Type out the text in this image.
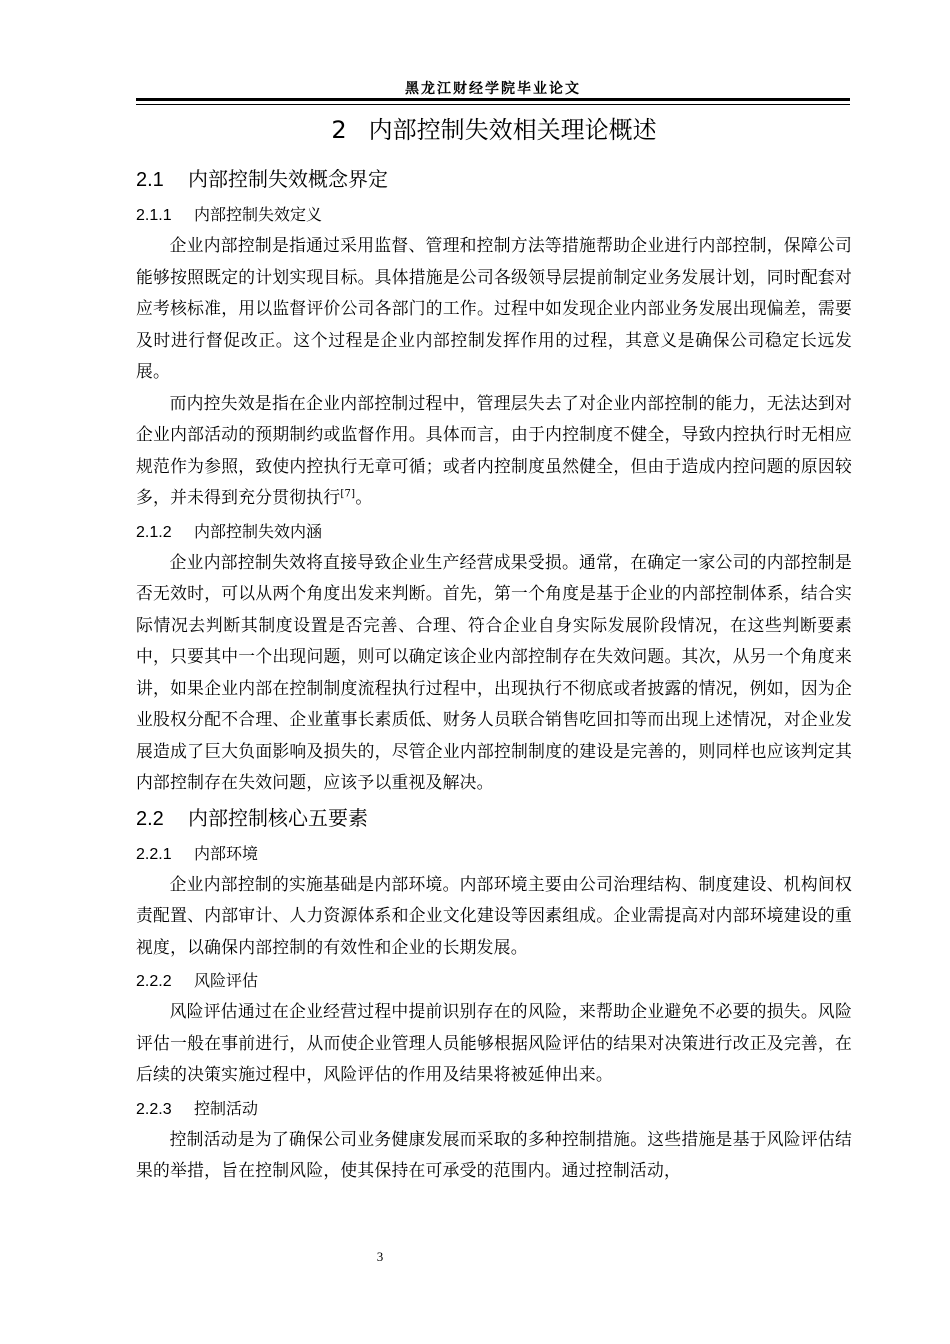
黑龙江财经学院毕业论文
2 内部控制失效相关理论概述
2.1 内部控制失效概念界定
2.1.1 内部控制失效定义

企业内部控制是指通过采用监督、管理和控制方法等措施帮助企业进行内部控制，保障公司能够按照既定的计划实现目标。具体措施是公司各级领导层提前制定业务发展计划，同时配套对应考核标准，用以监督评价公司各部门的工作。过程中如发现企业内部业务发展出现偏差，需要及时进行督促改正。这个过程是企业内部控制发挥作用的过程，其意义是确保公司稳定长远发展。

而内控失效是指在企业内部控制过程中，管理层失去了对企业内部控制的能力，无法达到对企业内部活动的预期制约或监督作用。具体而言，由于内控制度不健全，导致内控执行时无相应规范作为参照，致使内控执行无章可循；或者内控制度虽然健全，但由于造成内控问题的原因较多，并未得到充分贯彻执行[7]。

2.1.2 内部控制失效内涵

企业内部控制失效将直接导致企业生产经营成果受损。通常，在确定一家公司的内部控制是否无效时，可以从两个角度出发来判断。首先，第一个角度是基于企业的内部控制体系，结合实际情况去判断其制度设置是否完善、合理、符合企业自身实际发展阶段情况，在这些判断要素中，只要其中一个出现问题，则可以确定该企业内部控制存在失效问题。其次，从另一个角度来讲，如果企业内部在控制制度流程执行过程中，出现执行不彻底或者披露的情况，例如，因为企业股权分配不合理、企业董事长素质低、财务人员联合销售吃回扣等而出现上述情况，对企业发展造成了巨大负面影响及损失的，尽管企业内部控制制度的建设是完善的，则同样也应该判定其内部控制存在失效问题，应该予以重视及解决。

2.2 内部控制核心五要素
2.2.1 内部环境

企业内部控制的实施基础是内部环境。内部环境主要由公司治理结构、制度建设、机构间权责配置、内部审计、人力资源体系和企业文化建设等因素组成。企业需提高对内部环境建设的重视度，以确保内部控制的有效性和企业的长期发展。

2.2.2 风险评估

风险评估通过在企业经营过程中提前识别存在的风险，来帮助企业避免不必要的损失。风险评估一般在事前进行，从而使企业管理人员能够根据风险评估的结果对决策进行改正及完善，在后续的决策实施过程中，风险评估的作用及结果将被延伸出来。

2.2.3 控制活动

控制活动是为了确保公司业务健康发展而采取的多种控制措施。这些措施是基于风险评估结果的举措，旨在控制风险，使其保持在可承受的范围内。通过控制活动，

3
